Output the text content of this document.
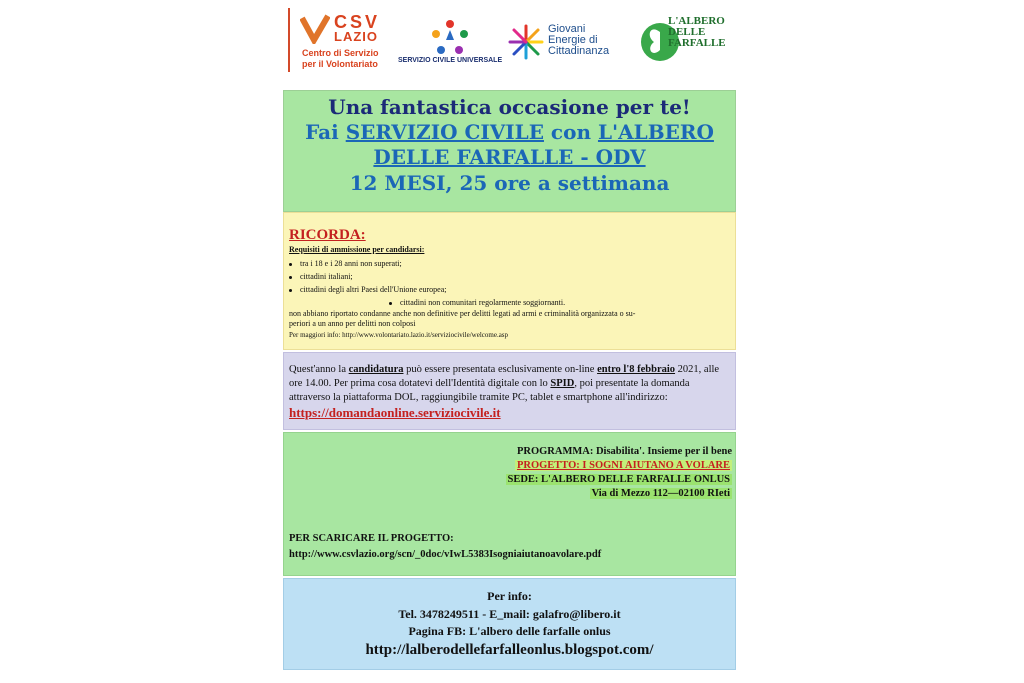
CSV
LAZIO
Centro di Servizio
per il Volontariato	SERVIZIO CIVILE UNIVERSALE
Giovani
Energie di
Cittadinanza
L'ALBERO
DELLE
FARFALLE
Una fantastica occasione per te!
Fai SERVIZIO CIVILE con L'ALBERO
DELLE FARFALLE - ODV
12 MESI, 25 ore a settimana
RICORDA:
Requisiti di ammissione per candidarsi:
tra i 18 e i 28 anni non superati;
cittadini italiani;
cittadini degli altri Paesi dell'Unione europea;
cittadini non comunitari regolarmente soggiornanti.
non abbiano riportato condanne anche non definitive per delitti legati ad armi e criminalità organizzata o su-
periori a un anno per delitti non colposi
Per maggiori info: http://www.volontariato.lazio.it/serviziocivile/welcome.asp
Quest'anno la candidatura può essere presentata esclusivamente on-line entro l'8 febbraio 2021, alle ore 14.00. Per prima cosa dotatevi dell'Identità digitale con lo SPID, poi presentate la domanda attraverso la piattaforma DOL, raggiungibile tramite PC, tablet e smartphone all'indirizzo: https://domandaonline.serviziocivile.it
PROGRAMMA: Disabilita'. Insieme per il bene
PROGETTO: I SOGNI AIUTANO A VOLARE
SEDE: L'ALBERO DELLE FARFALLE ONLUS
Via di Mezzo 112—02100 RIeti
PER SCARICARE IL PROGETTO:
http://www.csvlazio.org/scn/_0doc/vIwL5383Isogniaiutanoavolare.pdf
Per info:
Tel. 3478249511 - E_mail: galafro@libero.it
Pagina FB: L'albero delle farfalle onlus
http://lalberodellefarfalleonlus.blogspot.com/
